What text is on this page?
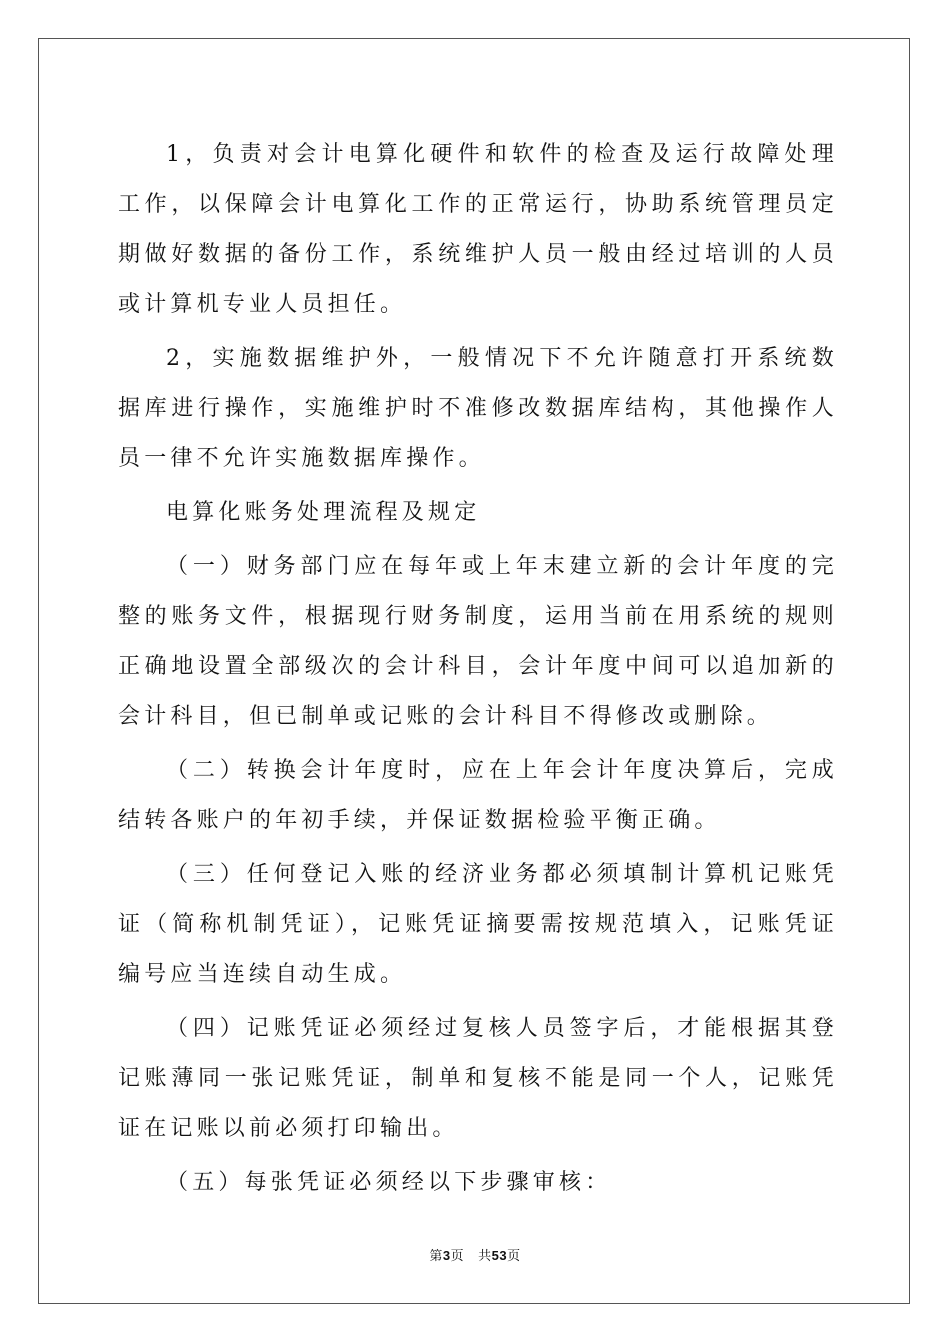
1，负责对会计电算化硬件和软件的检查及运行故障处理工作，以保障会计电算化工作的正常运行，协助系统管理员定期做好数据的备份工作，系统维护人员一般由经过培训的人员或计算机专业人员担任。

2，实施数据维护外，一般情况下不允许随意打开系统数据库进行操作，实施维护时不准修改数据库结构，其他操作人员一律不允许实施数据库操作。

电算化账务处理流程及规定

（一）财务部门应在每年或上年末建立新的会计年度的完整的账务文件，根据现行财务制度，运用当前在用系统的规则正确地设置全部级次的会计科目，会计年度中间可以追加新的会计科目，但已制单或记账的会计科目不得修改或删除。

（二）转换会计年度时，应在上年会计年度决算后，完成结转各账户的年初手续，并保证数据检验平衡正确。

（三）任何登记入账的经济业务都必须填制计算机记账凭证（简称机制凭证），记账凭证摘要需按规范填入，记账凭证编号应当连续自动生成。

（四）记账凭证必须经过复核人员签字后，才能根据其登记账薄同一张记账凭证，制单和复核不能是同一个人，记账凭证在记账以前必须打印输出。

（五）每张凭证必须经以下步骤审核：

第3页 共53页
